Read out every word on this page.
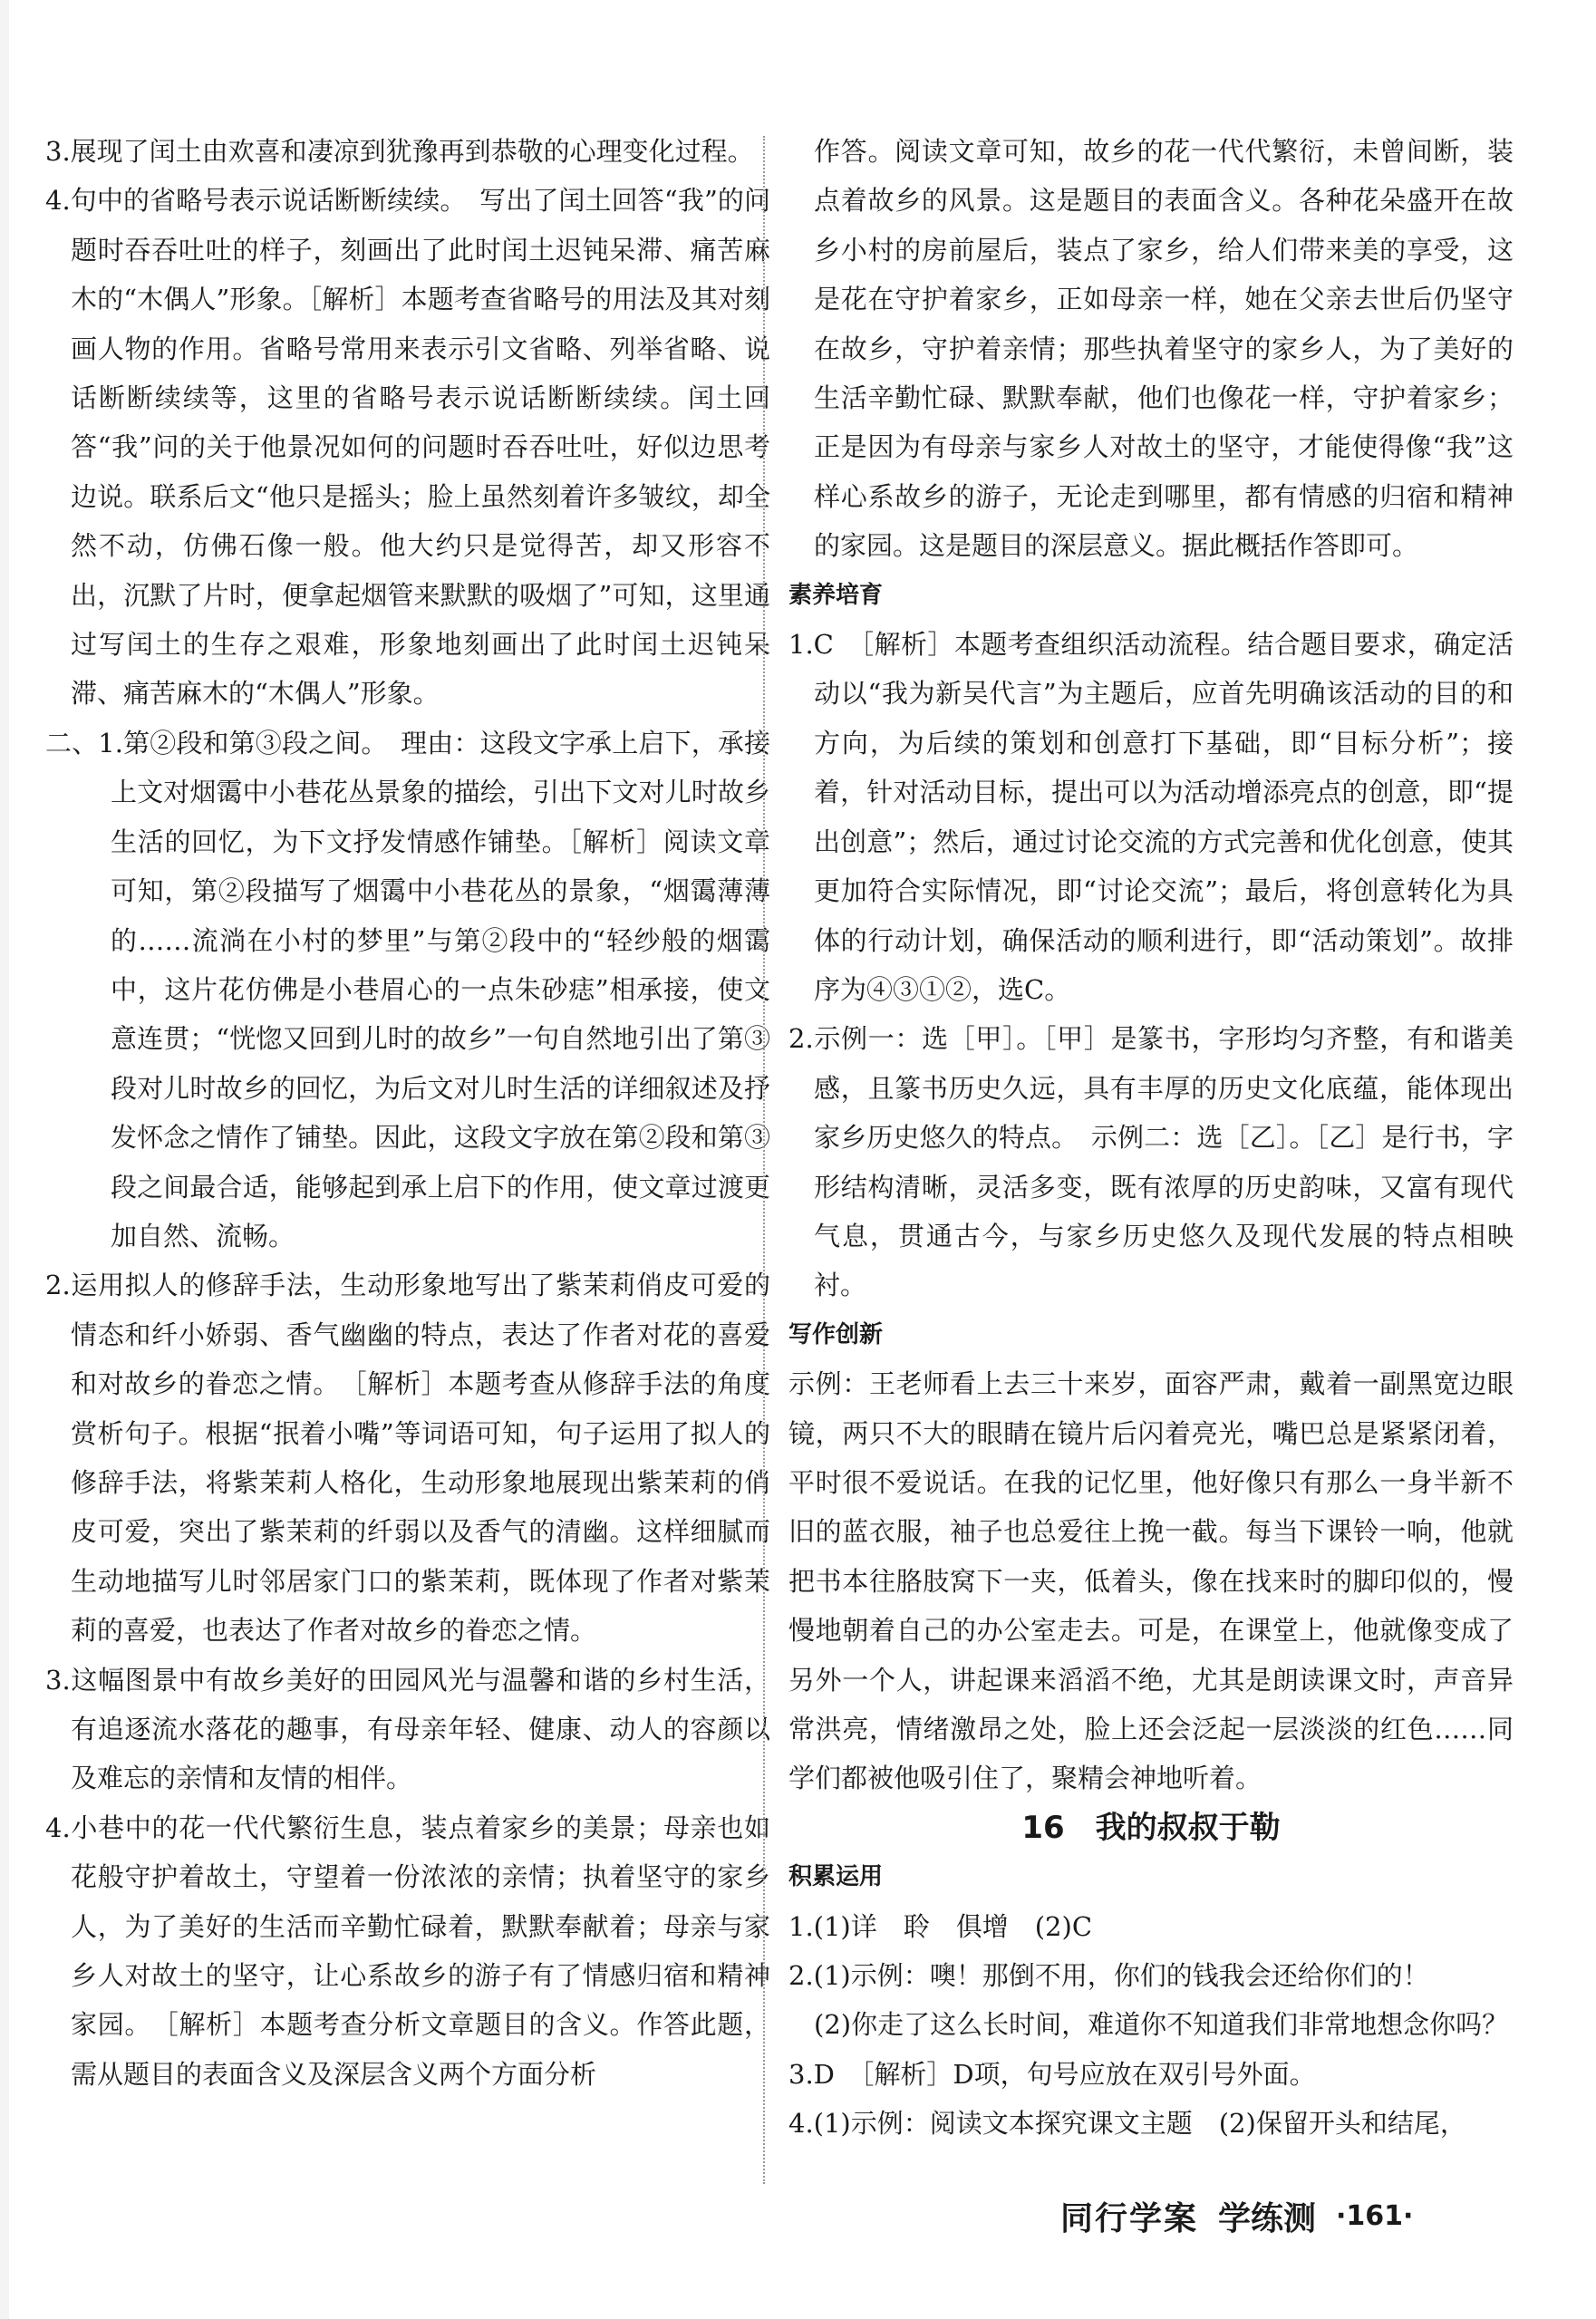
3.展现了闰土由欢喜和凄凉到犹豫再到恭敬的心理变化过程。

4.句中的省略号表示说话断断续续。　写出了闰土回答“我”的问题时吞吞吐吐的样子，刻画出了此时闰土迟钝呆滞、痛苦麻木的“木偶人”形象。［解析］本题考查省略号的用法及其对刻画人物的作用。省略号常用来表示引文省略、列举省略、说话断断续续等，这里的省略号表示说话断断续续。闰土回答“我”问的关于他景况如何的问题时吞吞吐吐，好似边思考边说。联系后文“他只是摇头；脸上虽然刻着许多皱纹，却全然不动，仿佛石像一般。他大约只是觉得苦，却又形容不出，沉默了片时，便拿起烟管来默默的吸烟了”可知，这里通过写闰土的生存之艰难，形象地刻画出了此时闰土迟钝呆滞、痛苦麻木的“木偶人”形象。

二、1.第②段和第③段之间。　理由：这段文字承上启下，承接上文对烟霭中小巷花丛景象的描绘，引出下文对儿时故乡生活的回忆，为下文抒发情感作铺垫。［解析］阅读文章可知，第②段描写了烟霭中小巷花丛的景象，“烟霭薄薄的……流淌在小村的梦里”与第②段中的“轻纱般的烟霭中，这片花仿佛是小巷眉心的一点朱砂痣”相承接，使文意连贯；“恍惚又回到儿时的故乡”一句自然地引出了第③段对儿时故乡的回忆，为后文对儿时生活的详细叙述及抒发怀念之情作了铺垫。因此，这段文字放在第②段和第③段之间最合适，能够起到承上启下的作用，使文章过渡更加自然、流畅。

2.运用拟人的修辞手法，生动形象地写出了紫茉莉俏皮可爱的情态和纤小娇弱、香气幽幽的特点，表达了作者对花的喜爱和对故乡的眷恋之情。　［解析］本题考查从修辞手法的角度赏析句子。根据“抿着小嘴”等词语可知，句子运用了拟人的修辞手法，将紫茉莉人格化，生动形象地展现出紫茉莉的俏皮可爱，突出了紫茉莉的纤弱以及香气的清幽。这样细腻而生动地描写儿时邻居家门口的紫茉莉，既体现了作者对紫茉莉的喜爱，也表达了作者对故乡的眷恋之情。

3.这幅图景中有故乡美好的田园风光与温馨和谐的乡村生活，有追逐流水落花的趣事，有母亲年轻、健康、动人的容颜以及难忘的亲情和友情的相伴。

4.小巷中的花一代代繁衍生息，装点着家乡的美景；母亲也如花般守护着故土，守望着一份浓浓的亲情；执着坚守的家乡人，为了美好的生活而辛勤忙碌着，默默奉献着；母亲与家乡人对故土的坚守，让心系故乡的游子有了情感归宿和精神家园。　［解析］本题考查分析文章题目的含义。作答此题，需从题目的表面含义及深层含义两个方面分析

作答。阅读文章可知，故乡的花一代代繁衍，未曾间断，装点着故乡的风景。这是题目的表面含义。各种花朵盛开在故乡小村的房前屋后，装点了家乡，给人们带来美的享受，这是花在守护着家乡，正如母亲一样，她在父亲去世后仍坚守在故乡，守护着亲情；那些执着坚守的家乡人，为了美好的生活辛勤忙碌、默默奉献，他们也像花一样，守护着家乡；正是因为有母亲与家乡人对故土的坚守，才能使得像“我”这样心系故乡的游子，无论走到哪里，都有情感的归宿和精神的家园。这是题目的深层意义。据此概括作答即可。

素养培育

1.C　［解析］本题考查组织活动流程。结合题目要求，确定活动以“我为新吴代言”为主题后，应首先明确该活动的目的和方向，为后续的策划和创意打下基础，即“目标分析”；接着，针对活动目标，提出可以为活动增添亮点的创意，即“提出创意”；然后，通过讨论交流的方式完善和优化创意，使其更加符合实际情况，即“讨论交流”；最后，将创意转化为具体的行动计划，确保活动的顺利进行，即“活动策划”。故排序为④③①②，选C。

2.示例一：选［甲］。［甲］是篆书，字形均匀齐整，有和谐美感，且篆书历史久远，具有丰厚的历史文化底蕴，能体现出家乡历史悠久的特点。　示例二：选［乙］。［乙］是行书，字形结构清晰，灵活多变，既有浓厚的历史韵味，又富有现代气息，贯通古今，与家乡历史悠久及现代发展的特点相映衬。

写作创新

示例：王老师看上去三十来岁，面容严肃，戴着一副黑宽边眼镜，两只不大的眼睛在镜片后闪着亮光，嘴巴总是紧紧闭着，平时很不爱说话。在我的记忆里，他好像只有那么一身半新不旧的蓝衣服，袖子也总爱往上挽一截。每当下课铃一响，他就把书本往胳肢窝下一夹，低着头，像在找来时的脚印似的，慢慢地朝着自己的办公室走去。可是，在课堂上，他就像变成了另外一个人，讲起课来滔滔不绝，尤其是朗读课文时，声音异常洪亮，情绪激昂之处，脸上还会泛起一层淡淡的红色……同学们都被他吸引住了，聚精会神地听着。

16　我的叔叔于勒

积累运用

1.(1)详　聆　俱增　(2)C

2.(1)示例：噢！那倒不用，你们的钱我会还给你们的！

(2)你走了这么长时间，难道你不知道我们非常地想念你吗？

3.D　［解析］D项，句号应放在双引号外面。

4.(1)示例：阅读文本探究课文主题　(2)保留开头和结尾，

同行学案 学练测 ·161·
